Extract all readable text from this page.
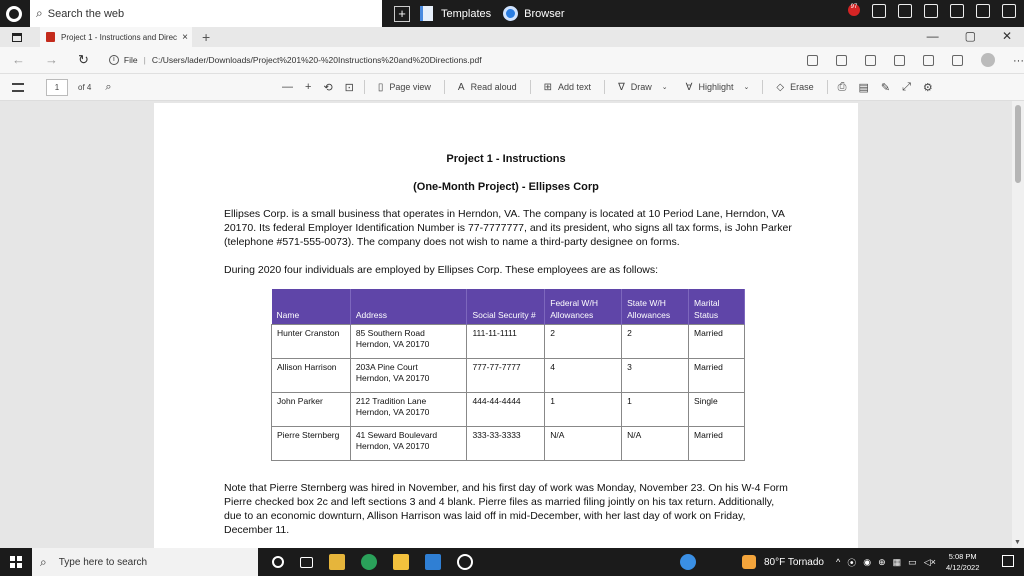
⌕ Search the web	+	Templates	Browser
97
Project 1 - Instructions and Direc × +	— ▢ ✕
← → ↻	i	File | C:/Users/lader/Downloads/Project%201%20-%20Instructions%20and%20Directions.pdf	···
1	of 4 ⌕	—	+	⟲	⊡	▯ Page view	A Read aloud	⊞ Add text	∇ Draw ⌄ ∀ Highlight ⌄	◇ Erase	⎙	▤	✎	⤢	⚙
Project 1 - Instructions
(One-Month Project) - Ellipses Corp
Ellipses Corp. is a small business that operates in Herndon, VA. The company is located at 10 Period Lane, Herndon, VA 20170. Its federal Employer Identification Number is 77-7777777, and its president, who signs all tax forms, is John Parker (telephone #571-555-0073). The company does not wish to name a third-party designee on forms.
During 2020 four individuals are employed by Ellipses Corp. These employees are as follows:
Name	Address	Social Security #	Federal W/H Allowances	State W/H Allowances	Marital Status
Hunter Cranston	85 Southern Road
Herndon, VA 20170	111-11-1111	2	2	Married
Allison Harrison	203A Pine Court
Herndon, VA 20170	777-77-7777	4	3	Married
John Parker	212 Tradition Lane
Herndon, VA 20170	444-44-4444	1	1	Single
Pierre Sternberg	41 Seward Boulevard
Herndon, VA 20170	333-33-3333	N/A	N/A	Married
Note that Pierre Sternberg was hired in November, and his first day of work was Monday, November 23. On his W-4 Form Pierre checked box 2c and left sections 3 and 4 blank. Pierre files as married filing jointly on his tax return. Additionally, due to an economic downturn, Allison Harrison was laid off in mid-December, with her last day of work on Friday, December 11.
▼
⌕ Type here to search	80°F Tornado ^ ⦿ ◉ ⊕ ▦ ▭ ◁×	5:08 PM
4/12/2022
